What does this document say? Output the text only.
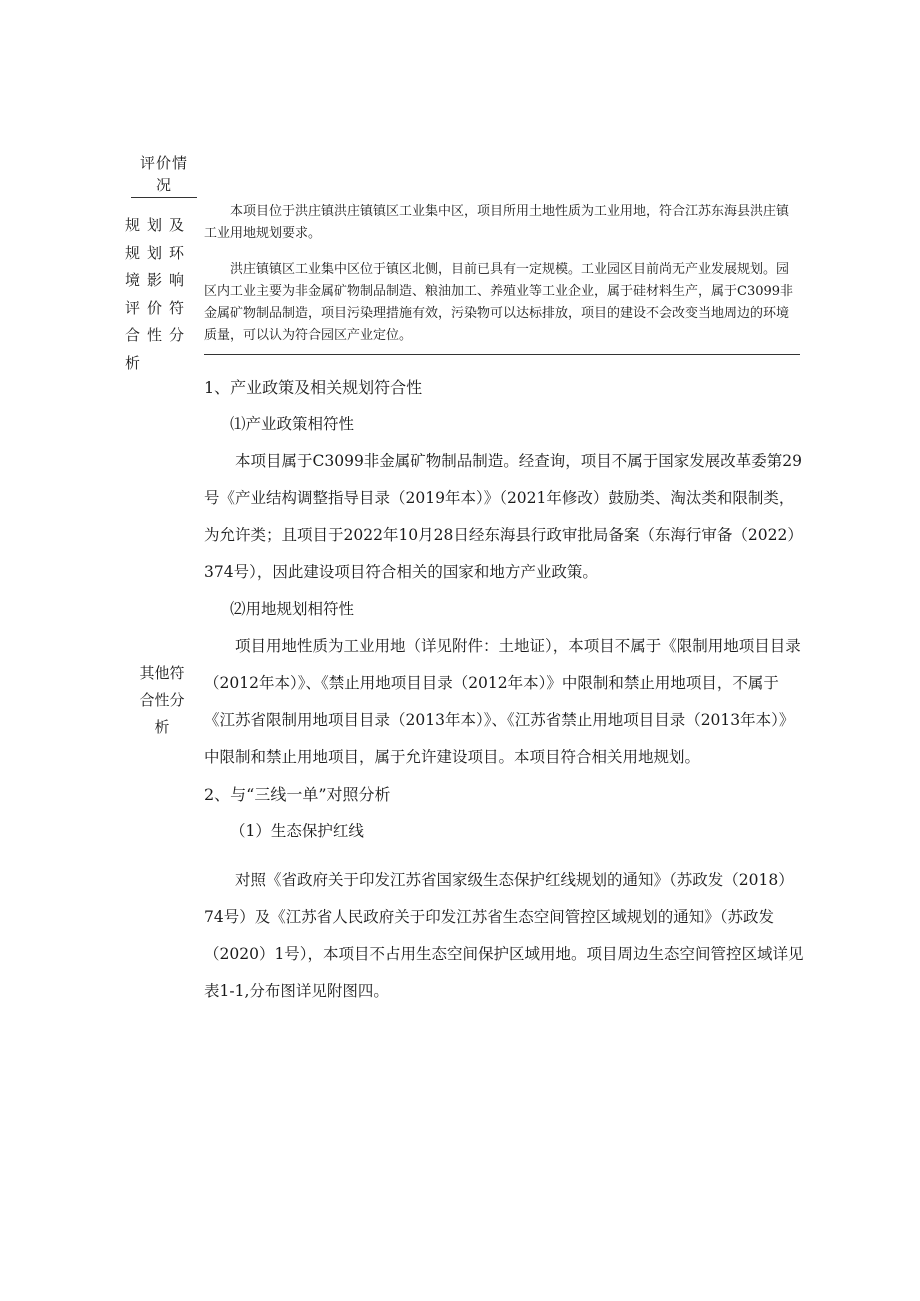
评价情况
规划及规划环境影响评价符合性分析

本项目位于洪庄镇洪庄镇镇区工业集中区，项目所用土地性质为工业用地，符合江苏东海县洪庄镇工业用地规划要求。

洪庄镇镇区工业集中区位于镇区北侧，目前已具有一定规模。工业园区目前尚无产业发展规划。园区内工业主要为非金属矿物制品制造、粮油加工、养殖业等工业企业，属于硅材料生产，属于C3099非金属矿物制品制造，项目污染理措施有效，污染物可以达标排放，项目的建设不会改变当地周边的环境质量，可以认为符合园区产业定位。

其他符合性分析

1、产业政策及相关规划符合性

⑴产业政策相符性

本项目属于C3099非金属矿物制品制造。经查询，项目不属于国家发展改革委第29号《产业结构调整指导目录（2019年本）》（2021年修改）鼓励类、淘汰类和限制类，为允许类；且项目于2022年10月28日经东海县行政审批局备案（东海行审备（2022）374号），因此建设项目符合相关的国家和地方产业政策。

⑵用地规划相符性

项目用地性质为工业用地（详见附件：土地证），本项目不属于《限制用地项目目录（2012年本）》、《禁止用地项目目录（2012年本）》中限制和禁止用地项目，不属于《江苏省限制用地项目目录（2013年本）》、《江苏省禁止用地项目目录（2013年本）》中限制和禁止用地项目，属于允许建设项目。本项目符合相关用地规划。

2、与“三线一单”对照分析

（1）生态保护红线

对照《省政府关于印发江苏省国家级生态保护红线规划的通知》（苏政发（2018）74号）及《江苏省人民政府关于印发江苏省生态空间管控区域规划的通知》（苏政发（2020）1号），本项目不占用生态空间保护区域用地。项目周边生态空间管控区域详见表1-1,分布图详见附图四。
